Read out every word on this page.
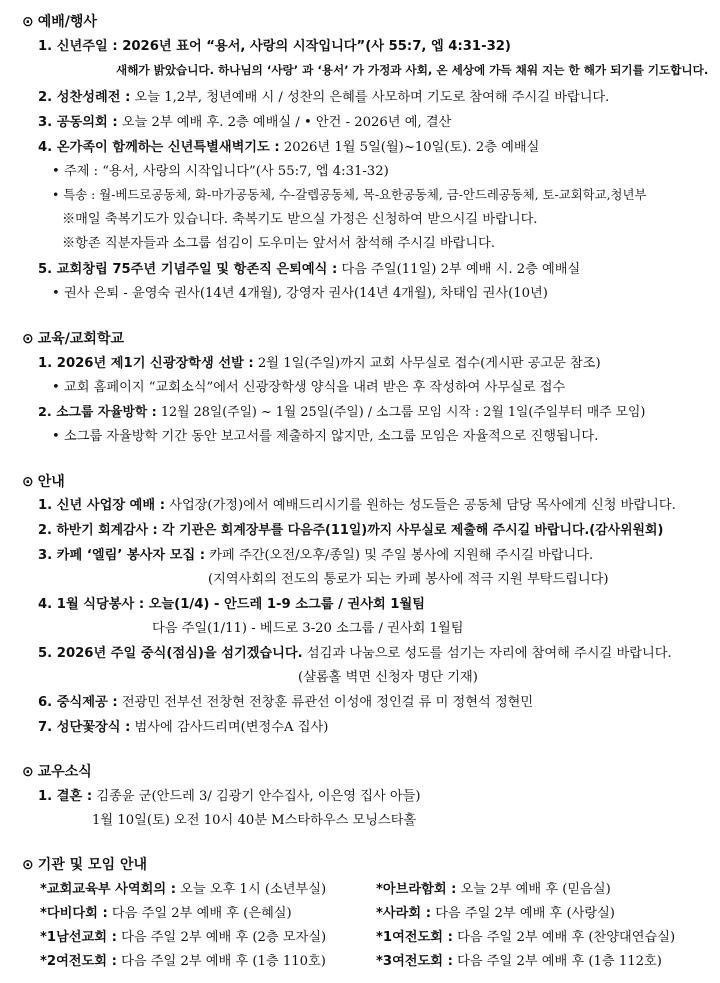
⊙ 예배/행사
1. 신년주일 : 2026년 표어 “용서, 사랑의 시작입니다”(사 55:7, 엡 4:31-32)
새해가 밝았습니다. 하나님의 ‘사랑’ 과 ‘용서’ 가 가정과 사회, 온 세상에 가득 채워 지는 한 해가 되기를 기도합니다.
2. 성찬성례전 : 오늘 1,2부, 청년예배 시 / 성찬의 은혜를 사모하며 기도로 참여해 주시길 바랍니다.
3. 공동의회 : 오늘 2부 예배 후. 2층 예배실 / • 안건 - 2026년 예, 결산
4. 온가족이 함께하는 신년특별새벽기도 : 2026년 1월 5일(월)~10일(토). 2층 예배실
• 주제 : “용서, 사랑의 시작입니다”(사 55:7, 엡 4:31-32)
• 특송 : 월-베드로공동체, 화-마가공동체, 수-갈렙공동체, 목-요한공동체, 금-안드레공동체, 토-교회학교,청년부
※매일 축복기도가 있습니다. 축복기도 받으실 가정은 신청하여 받으시길 바랍니다.
※항존 직분자들과 소그룹 섬김이 도우미는 앞서서 참석해 주시길 바랍니다.
5. 교회창립 75주년 기념주일 및 항존직 은퇴예식 : 다음 주일(11일) 2부 예배 시. 2층 예배실
• 권사 은퇴 - 윤영숙 권사(14년 4개월), 강영자 권사(14년 4개월), 차태임 권사(10년)
⊙ 교육/교회학교
1. 2026년 제1기 신광장학생 선발 : 2월 1일(주일)까지 교회 사무실로 접수(게시판 공고문 참조)
• 교회 홈페이지 “교회소식”에서 신광장학생 양식을 내려 받은 후 작성하여 사무실로 접수
2. 소그룹 자율방학 : 12월 28일(주일) ~ 1월 25일(주일) / 소그룹 모임 시작 : 2월 1일(주일부터 매주 모임)
• 소그룹 자율방학 기간 동안 보고서를 제출하지 않지만, 소그룹 모임은 자율적으로 진행됩니다.
⊙ 안내
1. 신년 사업장 예배 : 사업장(가정)에서 예배드리시기를 원하는 성도들은 공동체 담당 목사에게 신청 바랍니다.
2. 하반기 회계감사 : 각 기관은 회계장부를 다음주(11일)까지 사무실로 제출해 주시길 바랍니다.(감사위원회)
3. 카페 ‘엘림’ 봉사자 모집 : 카페 주간(오전/오후/종일) 및 주일 봉사에 지원해 주시길 바랍니다.
(지역사회의 전도의 통로가 되는 카페 봉사에 적극 지원 부탁드립니다)
4. 1월 식당봉사 : 오늘(1/4) - 안드레 1-9 소그룹 / 권사회 1월팀
다음 주일(1/11) - 베드로 3-20 소그룹 / 권사회 1월팀
5. 2026년 주일 중식(점심)을 섬기겠습니다. 섬김과 나눔으로 성도를 섬기는 자리에 참여해 주시길 바랍니다.
(샬롬홀 벽면 신청자 명단 기재)
6. 중식제공 : 전광민 전부선 전창현 전창훈 류관선 이성애 정인걸 류 미 정현석 정현민
7. 성단꽃장식 : 범사에 감사드리며(변정수A 집사)
⊙ 교우소식
1. 결혼 : 김종윤 군(안드레 3/ 김광기 안수집사, 이은영 집사 아들)
1월 10일(토) 오전 10시 40분 M스타하우스 모닝스타홀
⊙ 기관 및 모임 안내
*교회교육부 사역회의 : 오늘 오후 1시 (소년부실)	*아브라함회 : 오늘 2부 예배 후 (믿음실)
*다비다회 : 다음 주일 2부 예배 후 (은혜실)	*사라회 : 다음 주일 2부 예배 후 (사랑실)
*1남선교회 : 다음 주일 2부 예배 후 (2층 모자실)	*1여전도회 : 다음 주일 2부 예배 후 (찬양대연습실)
*2여전도회 : 다음 주일 2부 예배 후 (1층 110호)	*3여전도회 : 다음 주일 2부 예배 후 (1층 112호)
